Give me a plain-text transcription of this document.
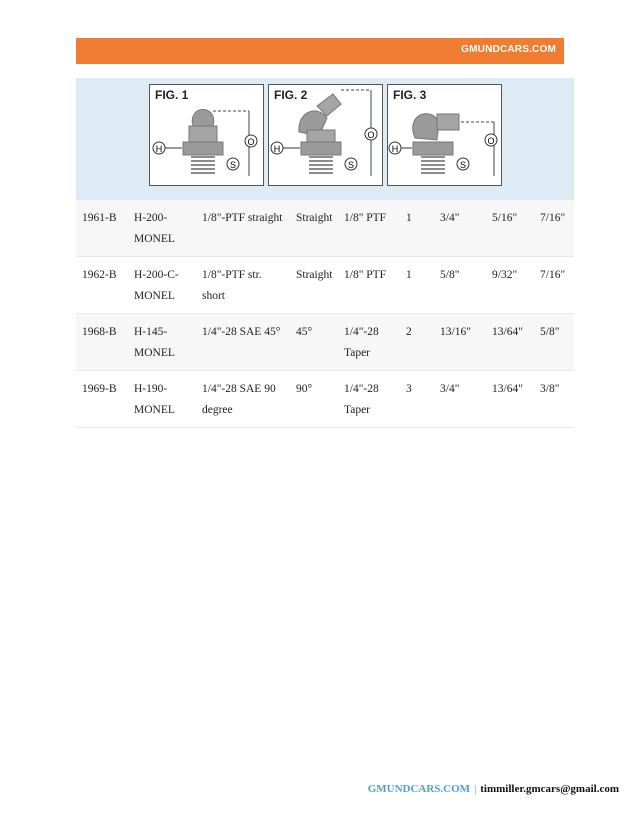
GMUNDCARS.COM
FIG. 1
O
H
S
FIG. 2
O
H
S
FIG. 3
O
H
S
1961-B	H-200-MONEL	1/8"-PTF straight	Straight	1/8" PTF	1	3/4"	5/16"	7/16"
1962-B	H-200-C-MONEL	1/8"-PTF str. short	Straight	1/8" PTF	1	5/8"	9/32"	7/16"
1968-B	H-145-MONEL	1/4"-28 SAE 45°	45°	1/4"-28 Taper	2	13/16"	13/64"	5/8"
1969-B	H-190-MONEL	1/4"-28 SAE 90 degree	90°	1/4"-28 Taper	3	3/4"	13/64"	3/8"
GMUNDCARS.COM | timmiller.gmcars@gmail.com
